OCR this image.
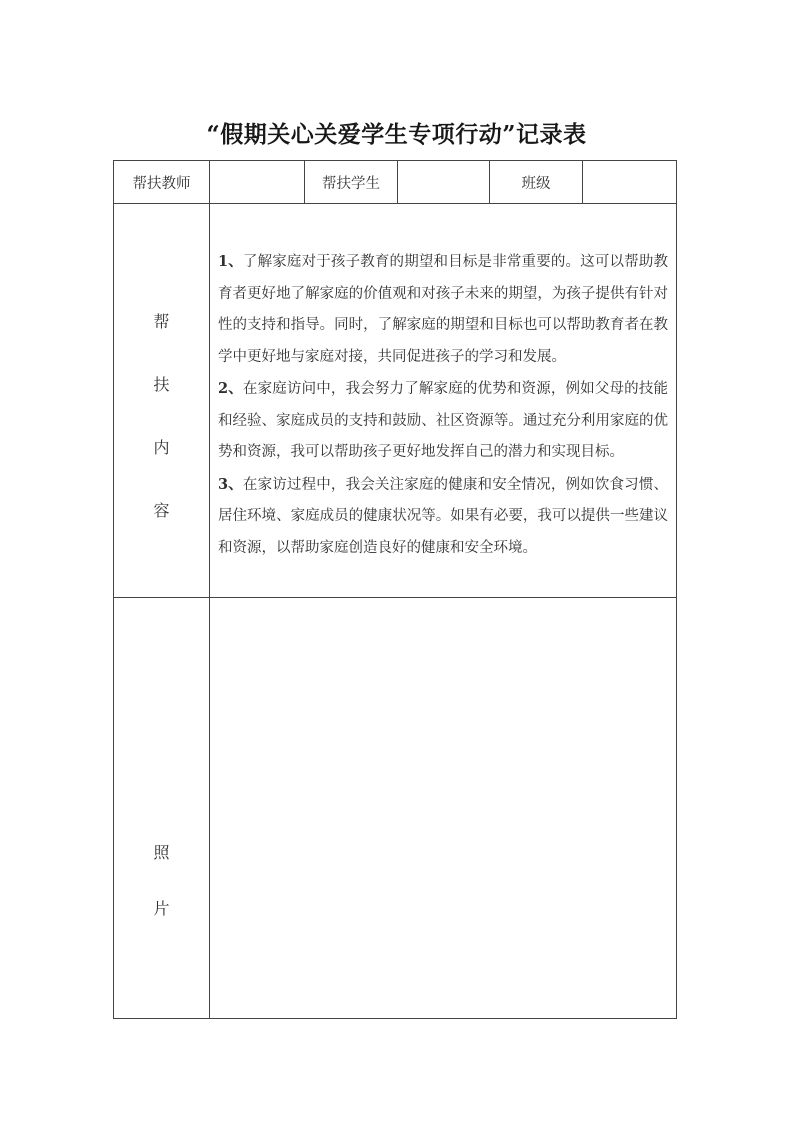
“假期关心关爱学生专项行动”记录表
帮扶教师		帮扶学生		班级	

帮
扶
内
容

1、了解家庭对于孩子教育的期望和目标是非常重要的。这可以帮助教育者更好地了解家庭的价值观和对孩子未来的期望，为孩子提供有针对性的支持和指导。同时，了解家庭的期望和目标也可以帮助教育者在教学中更好地与家庭对接，共同促进孩子的学习和发展。

2、在家庭访问中，我会努力了解家庭的优势和资源，例如父母的技能和经验、家庭成员的支持和鼓励、社区资源等。通过充分利用家庭的优势和资源，我可以帮助孩子更好地发挥自己的潜力和实现目标。

3、在家访过程中，我会关注家庭的健康和安全情况，例如饮食习惯、居住环境、家庭成员的健康状况等。如果有必要，我可以提供一些建议和资源，以帮助家庭创造良好的健康和安全环境。

照
片					
